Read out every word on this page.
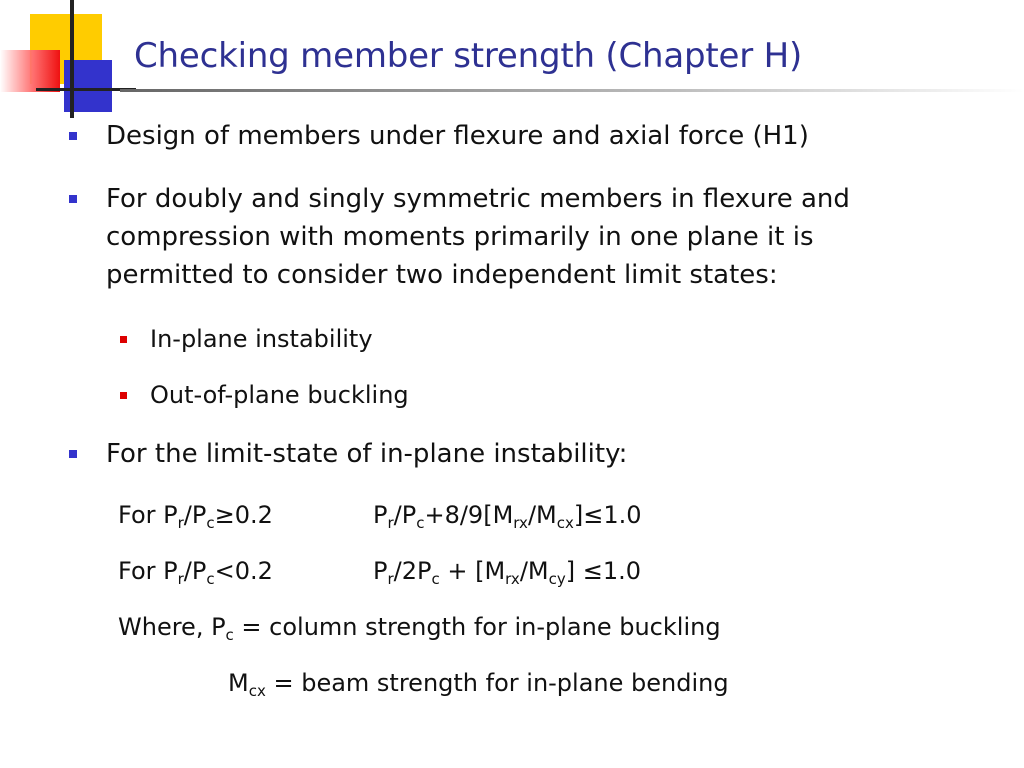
Checking member strength (Chapter H)
Design of members under flexure and axial force (H1)
For doubly and singly symmetric members in flexure and
compression with moments primarily in one plane it is
permitted to consider two independent limit states:
In-plane instability
Out-of-plane buckling
For the limit-state of in-plane instability:
For $P_r/P_c\ge 0.2$	$P_r/P_c+8/9[M_{rx}/M_{cx}]\le 1.0$
For $P_r/P_c<0.2$	$P_r/2P_c + [M_{rx}/M_{cy}] \le 1.0$
Where, $P_c$ = column strength for in-plane buckling
$M_{cx}$ = beam strength for in-plane bending
